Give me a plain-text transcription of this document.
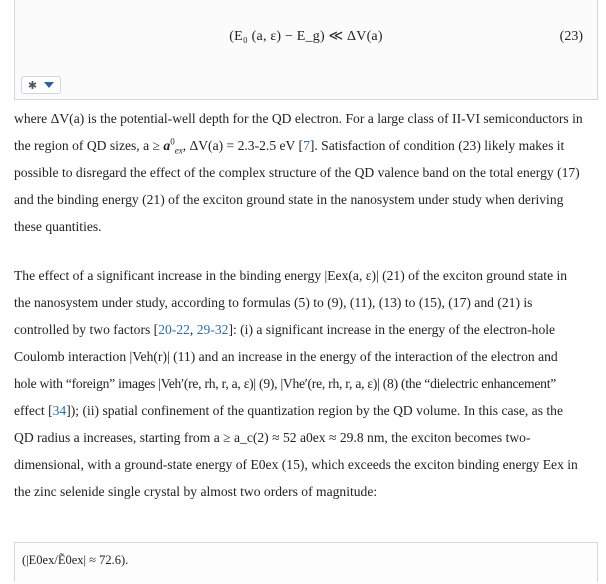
(E₀ (a, ε) − E_g) ≪ ΔV(a)	(23)
✱
where ΔV(a) is the potential-well depth for the QD electron. For a large class of II-VI semiconductors in
the region of QD sizes, $a \ge a^0_{ex}$, ΔV(a) = 2.3-2.5 eV [7]. Satisfaction of condition (23) likely makes it
possible to disregard the effect of the complex structure of the QD valence band on the total energy (17)
and the binding energy (21) of the exciton ground state in the nanosystem under study when deriving
these quantities.
The effect of a significant increase in the binding energy |Eex(a, ε)| (21) of the exciton ground state in
the nanosystem under study, according to formulas (5) to (9), (11), (13) to (15), (17) and (21) is
controlled by two factors [20-22, 29-32]: (i) a significant increase in the energy of the electron-hole
Coulomb interaction |Veh(r)| (11) and an increase in the energy of the interaction of the electron and
hole with “foreign” images |Veh′(re, rh, r, a, ε)| (9), |Vhe′(re, rh, r, a, ε)| (8) (the “dielectric enhancement”
effect [34]); (ii) spatial confinement of the quantization region by the QD volume. In this case, as the
QD radius a increases, starting from a ≥ a_c(2) ≈ 52 a0ex ≈ 29.8 nm, the exciton becomes two-
dimensional, with a ground-state energy of E0ex (15), which exceeds the exciton binding energy Eex in
the zinc selenide single crystal by almost two orders of magnitude:
(|E0ex/Ẽ0ex| ≈ 72.6).
